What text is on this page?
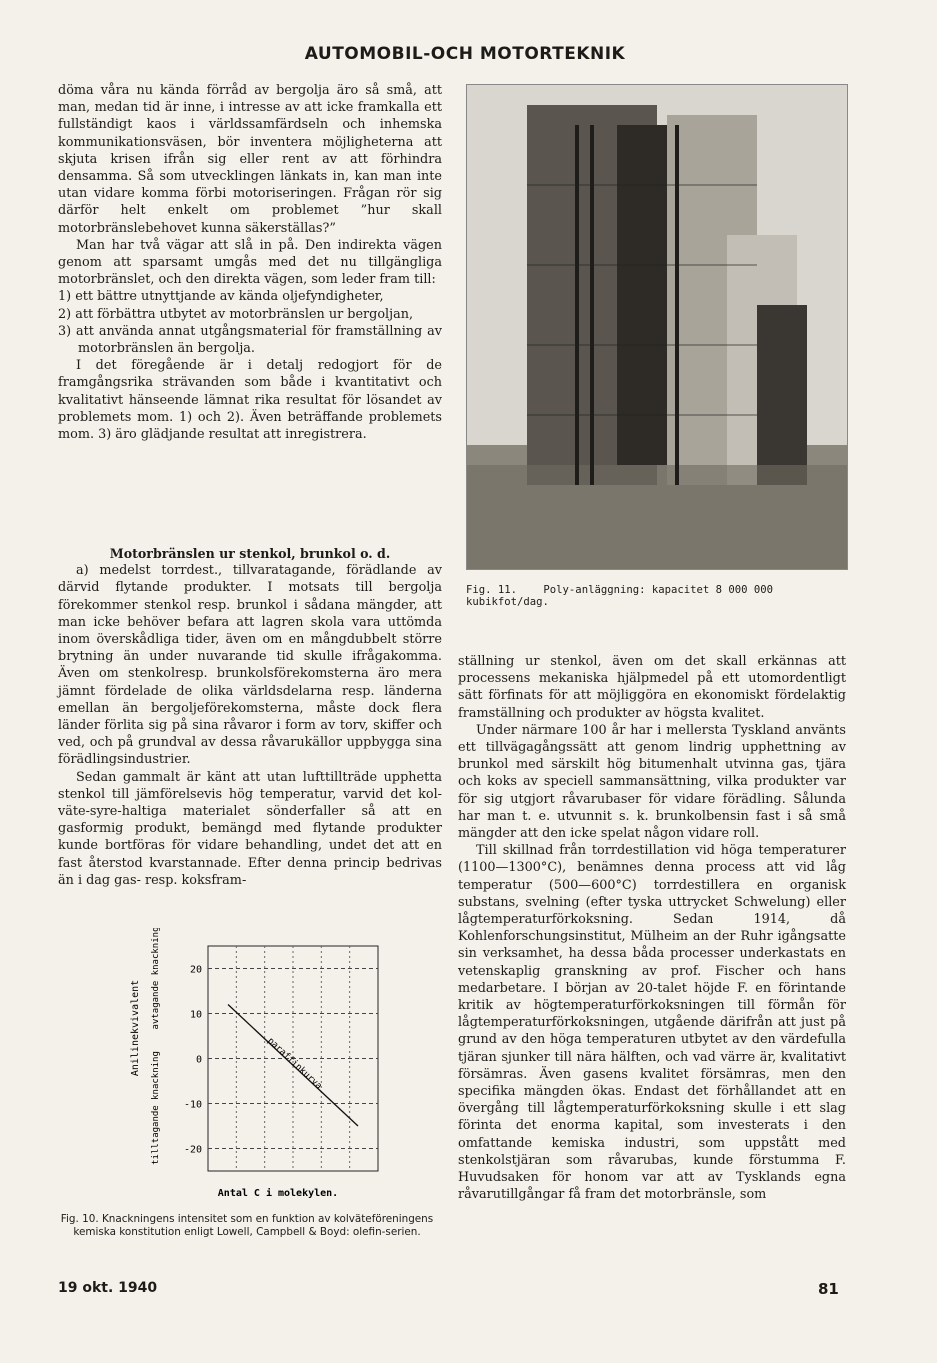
AUTOMOBIL-OCH MOTORTEKNIK

döma våra nu kända förråd av bergolja äro så små, att man, medan tid är inne, i intresse av att icke framkalla ett fullständigt kaos i världssamfärdseln och inhemska kommunikationsväsen, bör inventera möjligheterna att skjuta krisen ifrån sig eller rent av att förhindra densamma. Så som utvecklingen länkats in, kan man inte utan vidare komma förbi motoriseringen. Frågan rör sig därför helt enkelt om problemet ”hur skall motorbränslebehovet kunna säkerställas?”

Man har två vägar att slå in på. Den indirekta vägen genom att sparsamt umgås med det nu tillgängliga motorbränslet, och den direkta vägen, som leder fram till:

1) ett bättre utnyttjande av kända oljefyndigheter,

2) att förbättra utbytet av motorbränslen ur bergoljan,

3) att använda annat utgångsmaterial för framställning av motorbränslen än bergolja.

I det föregående är i detalj redogjort för de framgångsrika strävanden som både i kvantitativt och kvalitativt hänseende lämnat rika resultat för lösandet av problemets mom. 1) och 2). Även beträffande problemets mom. 3) äro glädjande resultat att inregistrera.

Motorbränslen ur stenkol, brunkol o. d.

a) medelst torrdest., tillvaratagande, förädlande av därvid flytande produkter. I motsats till bergolja förekommer stenkol resp. brunkol i sådana mängder, att man icke behöver befara att lagren skola vara uttömda inom överskådliga tider, även om en mångdubbelt större brytning än under nuvarande tid skulle ifrågakomma. Även om stenkolresp. brunkolsförekomsterna äro mera jämnt fördelade de olika världsdelarna resp. länderna emellan än bergoljeförekomsterna, måste dock flera länder förlita sig på sina råvaror i form av torv, skiffer och ved, och på grundval av dessa råvarukällor uppbygga sina förädlingsindustrier.

Sedan gammalt är känt att utan lufttillträde upphetta stenkol till jämförelsevis hög temperatur, varvid det kol-väte-syre-haltiga materialet sönderfaller så att en gasformig produkt, bemängd med flytande produkter kunde bortföras för vidare behandling, undet det att en fast återstod kvarstannade. Efter denna princip bedrivas än i dag gas- resp. koksfram-

Fig. 11. Poly-anläggning: kapacitet 8 000 000 kubikfot/dag.
Anilinekvivalent avtagande knackning
tilltagande knackning
20
10
0
-10
-20
paraffinkurva
Antal C i molekylen.
Fig. 10. Knackningens intensitet som en funktion av kolväteföreningens kemiska konstitution enligt Lowell, Campbell & Boyd: olefin-serien.

ställning ur stenkol, även om det skall erkännas att processens mekaniska hjälpmedel på ett utomordentligt sätt förfinats för att möjliggöra en ekonomiskt fördelaktig framställning och produkter av högsta kvalitet.

Under närmare 100 år har i mellersta Tyskland använts ett tillvägagångssätt att genom lindrig upphettning av brunkol med särskilt hög bitumenhalt utvinna gas, tjära och koks av speciell sammansättning, vilka produkter var för sig utgjort råvarubaser för vidare förädling. Sålunda har man t. e. utvunnit s. k. brunkolbensin fast i så små mängder att den icke spelat någon vidare roll.

Till skillnad från torrdestillation vid höga temperaturer (1100—1300°C), benämnes denna process att vid låg temperatur (500—600°C) torrdestillera en organisk substans, svelning (efter tyska uttrycket Schwelung) eller lågtemperaturförkoksning. Sedan 1914, då Kohlenforschungsinstitut, Mülheim an der Ruhr igångsatte sin verksamhet, ha dessa båda processer underkastats en vetenskaplig granskning av prof. Fischer och hans medarbetare. I början av 20-talet höjde F. en förintande kritik av högtemperaturförkoksningen till förmån för lågtemperaturförkoksningen, utgående därifrån att just på grund av den höga temperaturen utbytet av den värdefulla tjäran sjunker till nära hälften, och vad värre är, kvalitativt försämras. Även gasens kvalitet försämras, men den specifika mängden ökas. Endast det förhållandet att en övergång till lågtemperaturförkoksning skulle i ett slag förinta det enorma kapital, som investerats i den omfattande kemiska industri, som uppstått med stenkolstjäran som råvarubas, kunde förstumma F. Huvudsaken för honom var att av Tysklands egna råvarutillgångar få fram det motorbränsle, som

19 okt. 1940	81
